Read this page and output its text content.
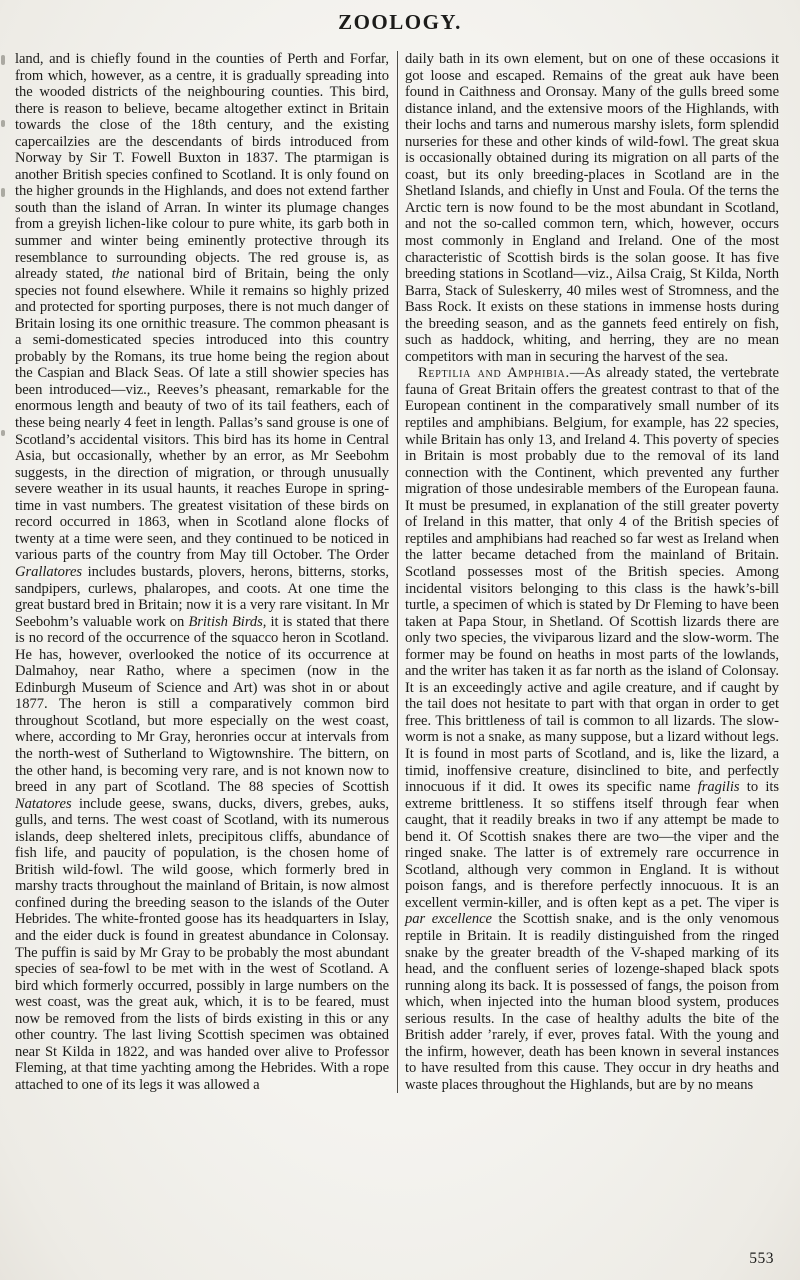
ZOOLOGY.

land, and is chiefly found in the counties of Perth and Forfar, from which, however, as a centre, it is gradually spreading into the wooded districts of the neighbouring counties. This bird, there is reason to believe, became altogether extinct in Britain towards the close of the 18th century, and the existing capercailzies are the descendants of birds introduced from Norway by Sir T. Fowell Buxton in 1837. The ptarmigan is another British species confined to Scotland. It is only found on the higher grounds in the Highlands, and does not extend farther south than the island of Arran. In winter its plumage changes from a greyish lichen-like colour to pure white, its garb both in summer and winter being eminently protective through its resemblance to surrounding objects. The red grouse is, as already stated, the national bird of Britain, being the only species not found elsewhere. While it remains so highly prized and protected for sporting purposes, there is not much danger of Britain losing its one ornithic treasure. The common pheasant is a semi-domesticated species introduced into this country probably by the Romans, its true home being the region about the Caspian and Black Seas. Of late a still showier species has been introduced—viz., Reeves’s pheasant, remarkable for the enormous length and beauty of two of its tail feathers, each of these being nearly 4 feet in length. Pallas’s sand grouse is one of Scotland’s accidental visitors. This bird has its home in Central Asia, but occasionally, whether by an error, as Mr Seebohm suggests, in the direction of migration, or through unusually severe weather in its usual haunts, it reaches Europe in spring-time in vast numbers. The greatest visitation of these birds on record occurred in 1863, when in Scotland alone flocks of twenty at a time were seen, and they continued to be noticed in various parts of the country from May till October. The Order Grallatores includes bustards, plovers, herons, bitterns, storks, sandpipers, curlews, phalaropes, and coots. At one time the great bustard bred in Britain; now it is a very rare visitant. In Mr Seebohm’s valuable work on British Birds, it is stated that there is no record of the occurrence of the squacco heron in Scotland. He has, however, overlooked the notice of its occurrence at Dalmahoy, near Ratho, where a specimen (now in the Edinburgh Museum of Science and Art) was shot in or about 1877. The heron is still a comparatively common bird throughout Scotland, but more especially on the west coast, where, according to Mr Gray, heronries occur at intervals from the north-west of Sutherland to Wigtownshire. The bittern, on the other hand, is becoming very rare, and is not known now to breed in any part of Scotland. The 88 species of Scottish Natatores include geese, swans, ducks, divers, grebes, auks, gulls, and terns. The west coast of Scotland, with its numerous islands, deep sheltered inlets, precipitous cliffs, abundance of fish life, and paucity of population, is the chosen home of British wild-fowl. The wild goose, which formerly bred in marshy tracts throughout the mainland of Britain, is now almost confined during the breeding season to the islands of the Outer Hebrides. The white-fronted goose has its headquarters in Islay, and the eider duck is found in greatest abundance in Colonsay. The puffin is said by Mr Gray to be probably the most abundant species of sea-fowl to be met with in the west of Scotland. A bird which formerly occurred, possibly in large numbers on the west coast, was the great auk, which, it is to be feared, must now be removed from the lists of birds existing in this or any other country. The last living Scottish specimen was obtained near St Kilda in 1822, and was handed over alive to Professor Fleming, at that time yachting among the Hebrides. With a rope attached to one of its legs it was allowed a

daily bath in its own element, but on one of these occasions it got loose and escaped. Remains of the great auk have been found in Caithness and Oronsay. Many of the gulls breed some distance inland, and the extensive moors of the Highlands, with their lochs and tarns and numerous marshy islets, form splendid nurseries for these and other kinds of wild-fowl. The great skua is occasionally obtained during its migration on all parts of the coast, but its only breeding-places in Scotland are in the Shetland Islands, and chiefly in Unst and Foula. Of the terns the Arctic tern is now found to be the most abundant in Scotland, and not the so-called common tern, which, however, occurs most commonly in England and Ireland. One of the most characteristic of Scottish birds is the solan goose. It has five breeding stations in Scotland—viz., Ailsa Craig, St Kilda, North Barra, Stack of Suleskerry, 40 miles west of Stromness, and the Bass Rock. It exists on these stations in immense hosts during the breeding season, and as the gannets feed entirely on fish, such as haddock, whiting, and herring, they are no mean competitors with man in securing the harvest of the sea.

Reptilia and Amphibia.—As already stated, the vertebrate fauna of Great Britain offers the greatest contrast to that of the European continent in the comparatively small number of its reptiles and amphibians. Belgium, for example, has 22 species, while Britain has only 13, and Ireland 4. This poverty of species in Britain is most probably due to the removal of its land connection with the Continent, which prevented any further migration of those undesirable members of the European fauna. It must be presumed, in explanation of the still greater poverty of Ireland in this matter, that only 4 of the British species of reptiles and amphibians had reached so far west as Ireland when the latter became detached from the mainland of Britain. Scotland possesses most of the British species. Among incidental visitors belonging to this class is the hawk’s-bill turtle, a specimen of which is stated by Dr Fleming to have been taken at Papa Stour, in Shetland. Of Scottish lizards there are only two species, the viviparous lizard and the slow-worm. The former may be found on heaths in most parts of the lowlands, and the writer has taken it as far north as the island of Colonsay. It is an exceedingly active and agile creature, and if caught by the tail does not hesitate to part with that organ in order to get free. This brittleness of tail is common to all lizards. The slow-worm is not a snake, as many suppose, but a lizard without legs. It is found in most parts of Scotland, and is, like the lizard, a timid, inoffensive creature, disinclined to bite, and perfectly innocuous if it did. It owes its specific name fragilis to its extreme brittleness. It so stiffens itself through fear when caught, that it readily breaks in two if any attempt be made to bend it. Of Scottish snakes there are two—the viper and the ringed snake. The latter is of extremely rare occurrence in Scotland, although very common in England. It is without poison fangs, and is therefore perfectly innocuous. It is an excellent vermin-killer, and is often kept as a pet. The viper is par excellence the Scottish snake, and is the only venomous reptile in Britain. It is readily distinguished from the ringed snake by the greater breadth of the V-shaped marking of its head, and the confluent series of lozenge-shaped black spots running along its back. It is possessed of fangs, the poison from which, when injected into the human blood system, produces serious results. In the case of healthy adults the bite of the British adder ’rarely, if ever, proves fatal. With the young and the infirm, however, death has been known in several instances to have resulted from this cause. They occur in dry heaths and waste places throughout the Highlands, but are by no means

553
